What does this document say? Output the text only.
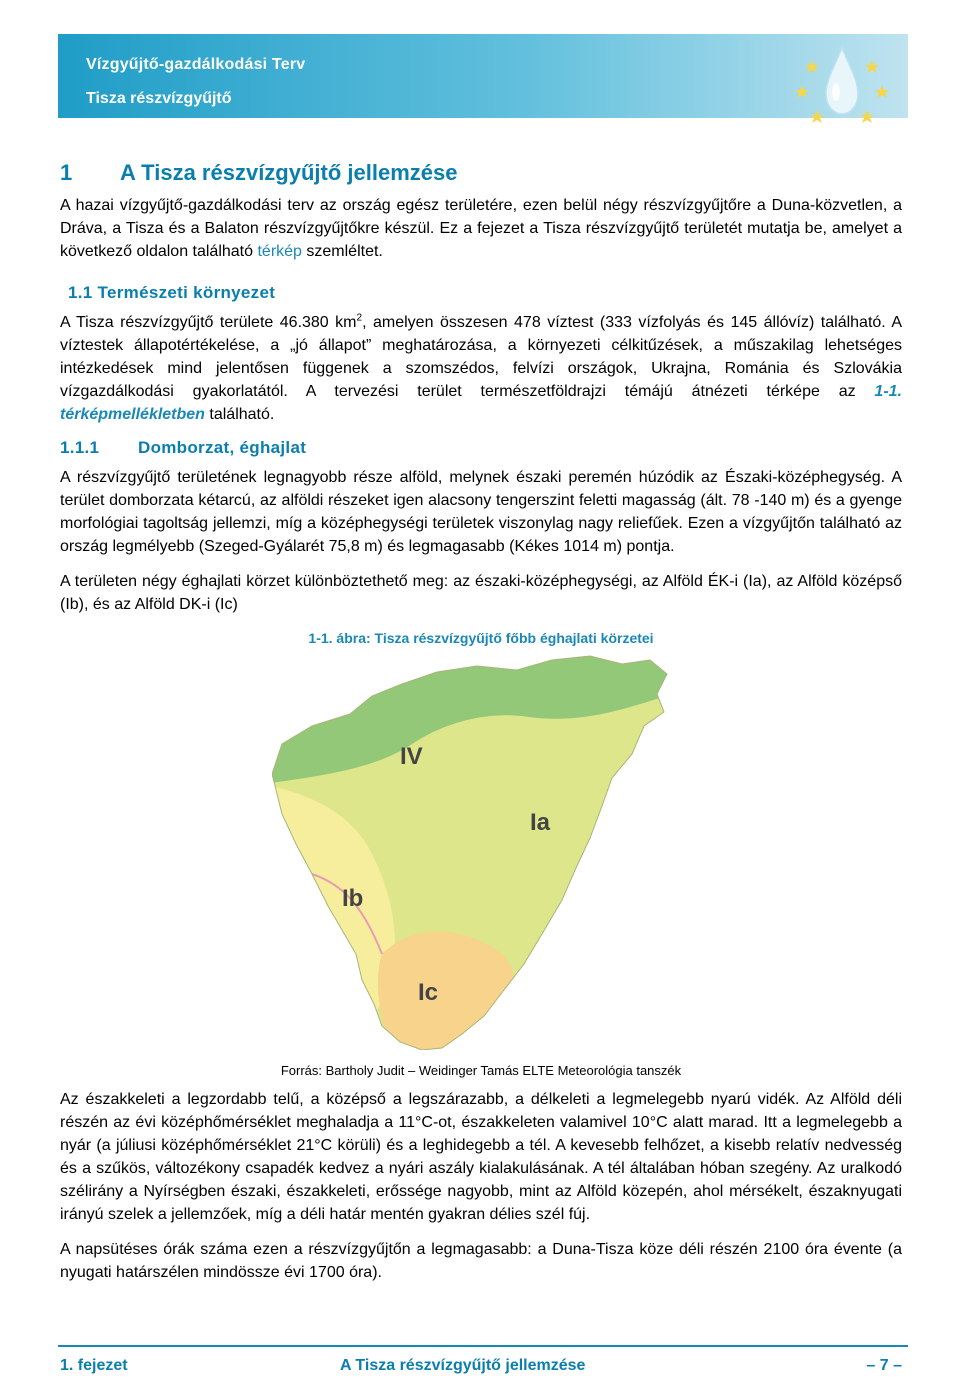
Vízgyűjtő-gazdálkodási Terv
Tisza részvízgyűjtő
1 A Tisza részvízgyűjtő jellemzése

A hazai vízgyűjtő-gazdálkodási terv az ország egész területére, ezen belül négy részvízgyűjtőre a Duna-közvetlen, a Dráva, a Tisza és a Balaton részvízgyűjtőkre készül. Ez a fejezet a Tisza részvízgyűjtő területét mutatja be, amelyet a következő oldalon található térkép szemléltet.

1.1 Természeti környezet

A Tisza részvízgyűjtő területe 46.380 $km^2$, amelyen összesen 478 víztest (333 vízfolyás és 145 állóvíz) található. A víztestek állapotértékelése, a „jó állapot” meghatározása, a környezeti célkitűzések, a műszakilag lehetséges intézkedések mind jelentősen függenek a szomszédos, felvízi országok, Ukrajna, Románia és Szlovákia vízgazdálkodási gyakorlatától. A tervezési terület természetföldrajzi témájú átnézeti térképe az 1-1. térképmellékletben található.

1.1.1 Domborzat, éghajlat

A részvízgyűjtő területének legnagyobb része alföld, melynek északi peremén húzódik az Északi-középhegység. A terület domborzata kétarcú, az alföldi részeket igen alacsony tengerszint feletti magasság (ált. 78 -140 m) és a gyenge morfológiai tagoltság jellemzi, míg a középhegységi területek viszonylag nagy reliefűek. Ezen a vízgyűjtőn található az ország legmélyebb (Szeged-Gyálarét 75,8 m) és legmagasabb (Kékes 1014 m) pontja.

A területen négy éghajlati körzet különböztethető meg: az északi-középhegységi, az Alföld ÉK-i (Ia), az Alföld középső (Ib), és az Alföld DK-i (Ic)

1-1. ábra: Tisza részvízgyűjtő főbb éghajlati körzetei
IV
Ia
Ib
Ic
Forrás: Bartholy Judit – Weidinger Tamás ELTE Meteorológia tanszék

Az északkeleti a legzordabb telű, a középső a legszárazabb, a délkeleti a legmelegebb nyarú vidék. Az Alföld déli részén az évi középhőmérséklet meghaladja a 11°C-ot, északkeleten valamivel 10°C alatt marad. Itt a legmelegebb a nyár (a júliusi középhőmérséklet 21°C körüli) és a leghidegebb a tél. A kevesebb felhőzet, a kisebb relatív nedvesség és a szűkös, változékony csapadék kedvez a nyári aszály kialakulásának. A tél általában hóban szegény. Az uralkodó szélirány a Nyírségben északi, északkeleti, erőssége nagyobb, mint az Alföld közepén, ahol mérsékelt, északnyugati irányú szelek a jellemzőek, míg a déli határ mentén gyakran délies szél fúj.

A napsütéses órák száma ezen a részvízgyűjtőn a legmagasabb: a Duna-Tisza köze déli részén 2100 óra évente (a nyugati határszélen mindössze évi 1700 óra).

1. fejezet	A Tisza részvízgyűjtő jellemzése	– 7 –
